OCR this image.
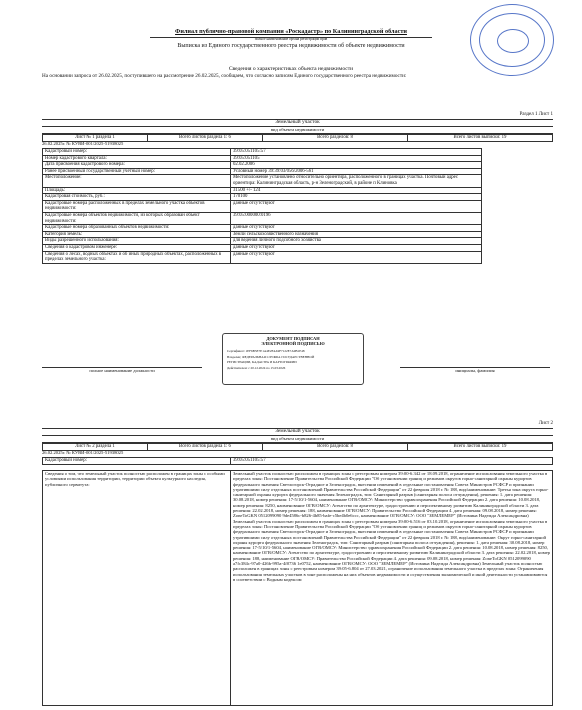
Филиал публично-правовой компании «Роскадастр» по Калининградской области
полное наименование органа регистрации прав
Выписка из Единого государственного реестра недвижимости об объекте недвижимости
Сведения о характеристиках объекта недвижимости
На основании запроса от 26.02.2025, поступившего на рассмотрение 26.02.2025, сообщаем, что согласно записям Единого государственного реестра недвижимости:
Раздел 1 Лист 1
Земельный участок
вид объекта недвижимости
Лист № 1 раздела 1	Всего листов раздела 1: 6	Всего разделов: 8	Всего листов выписки: 19
26.02.2025г. № КУВИ-001/2025-51938025
Кадастровый номер:	39:05:051105:57
Номер кадастрового квартала:	39:05:051105
Дата присвоения кадастрового номера:	02.02.2006
Ранее присвоенный государственный учетный номер:	Условный номер 39:39:03/056/2006-561
Местоположение:	Местоположение установлено относительно ориентира, расположенного в границах участка. Почтовый адрес ориентира: Калининградская область, р-н Зеленоградский, в районе п Клиновка
Площадь:	31500 +/- 124
Кадастровая стоимость, руб.:	170100
Кадастровые номера расположенных в пределах земельного участка объектов недвижимости:	данные отсутствуют
Кадастровые номера объектов недвижимости, из которых образован объект недвижимости:	39:05:000000:0196
Кадастровые номера образованных объектов недвижимости:	данные отсутствуют
Категория земель:	Земли сельскохозяйственного назначения
Виды разрешенного использования:	для ведения личного подсобного хозяйства
Сведения о кадастровом инженере:	данные отсутствуют
Сведения о лесах, водных объектах и об иных природных объектах, расположенных в пределах земельного участка:	данные отсутствуют
полное наименование должности	инициалы, фамилия
ДОКУМЕНТ ПОДПИСАН
ЭЛЕКТРОННОЙ ПОДПИСЬЮ
Сертификат: 1EF6B5E7E1A4E2E4A9F7122E7A9B1E48
Владелец: ФЕДЕРАЛЬНАЯ СЛУЖБА ГОСУДАРСТВЕННОЙ
РЕГИСТРАЦИИ, КАДАСТРА И КАРТОГРАФИИ
Действителен: с 20.12.2024 по 15.03.2026
Лист 2
Земельный участок
вид объекта недвижимости
Лист № 2 раздела 1	Всего листов раздела 1: 6	Всего разделов: 8	Всего листов выписки: 19
26.02.2025г. № КУВИ-001/2025-51938025
Кадастровый номер:	39:05:051105:57
Сведения о том, что земельный участок полностью расположен в границах зоны с особыми условиями использования территории, территории объекта культурного наследия, публичного сервитута:	
Земельный участок полностью расположен в границах зоны с реестровым номером 39:00-6.342 от 18.09.2018, ограничение использования земельного участка в пределах зоны: Постановление Правительства Российской Федерации "Об установлении границ и режимов округов горно-санитарной охраны курортов федерального значения Светлогорск-Отрадное и Зеленоградск, внесении изменений в отдельные постановления Совета Министров РСФСР и признании утратившими силу отдельных постановлений Правительства Российской Федерации" от 22 февраля 2018 г. № 188, вид/наименование: Третья зона округа горно-санитарной охраны курорта федерального значения Зеленоградск, тип: Санитарный разрыв (санитарная полоса отчуждения), решения: 1. дата решения: 30.08.2018, номер решения: 17-5/10/1-5604, наименование ОГВ/ОМСУ: Министерство здравоохранения Российской Федерации 2. дата решения: 10.08.2018, номер решения: 8250, наименование ОГВ/ОМСУ: Агентство по архитектуре, градостроению и перспективному развитию Калининградской области 3. дата решения: 22.02.2018, номер решения: 188, наименование ОГВ/ОМСУ: Правительство Российской Федерации 4. дата решения: 09.08.2018, номер решения: ZoneToGKN 0512099090 9de4586c-b826-4b85-bafe-c5be4b0e6ccc, наименование ОГВ/ОМСУ: ООО "ЗЕМЛЕМЕР" (Истомина Надежда Александровна) Земельный участок полностью расположен в границах зоны с реестровым номером 39:00-6.516 от 03.10.2018, ограничение использования земельного участка в пределах зоны: Постановление Правительства Российской Федерации "Об установлении границ и режимов округов горно-санитарной охраны курортов федерального значения Светлогорск-Отрадное и Зеленоградск, внесении изменений в отдельные постановления Совета Министров РСФСР и признании утратившими силу отдельных постановлений Правительства Российской Федерации" от 22 февраля 2018 г. № 188, вид/наименование: Округ горно-санитарной охраны курорта федерального значения Зеленоградск, тип: Санитарный разрыв (санитарная полоса отчуждения), решения: 1. дата решения: 30.08.2018, номер решения: 17-5/10/1-5604, наименование ОГВ/ОМСУ: Министерство здравоохранения Российской Федерации 2. дата решения: 10.08.2018, номер решения: 8250, наименование ОГВ/ОМСУ: Агентство по архитектуре, градостроению и перспективному развитию Калининградской области 3. дата решения: 22.02.2018, номер решения: 188, наименование ОГВ/ОМСУ: Правительство Российской Федерации 4. дата решения: 09.08.2018, номер решения: ZoneToGKN 0512099090 a7fc384c-97a0-426b-995a-4f0736 1e0752, наименование ОГВ/ОМСУ: ООО "ЗЕМЛЕМЕР" (Истомина Надежда Александровна) Земельный участок полностью расположен в границах зоны с реестровым номером 39:05-6.804 от 27.03.2021, ограничение использования земельного участка в пределах зоны: Ограничения использования земельных участков в зоне расположены на них объектов недвижимости и осуществления экономической и иной деятельности устанавливаются в соответствии с Водным кодексом
